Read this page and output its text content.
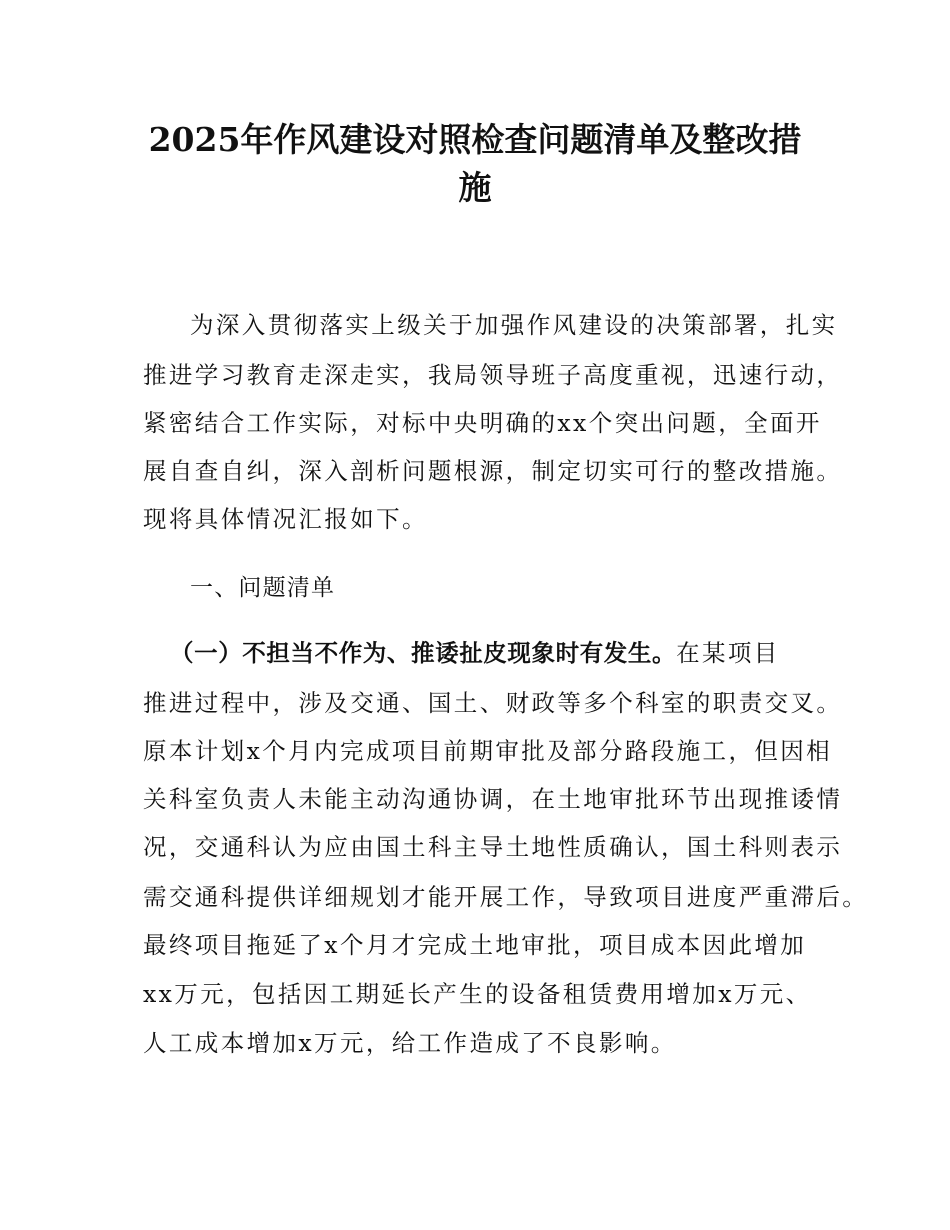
2025年作风建设对照检查问题清单及整改措
施
为深入贯彻落实上级关于加强作风建设的决策部署，扎实
推进学习教育走深走实，我局领导班子高度重视，迅速行动，
紧密结合工作实际，对标中央明确的xx个突出问题，全面开
展自查自纠，深入剖析问题根源，制定切实可行的整改措施。
现将具体情况汇报如下。
一、问题清单
（一）不担当不作为、推诿扯皮现象时有发生。在某项目
推进过程中，涉及交通、国土、财政等多个科室的职责交叉。
原本计划x个月内完成项目前期审批及部分路段施工，但因相
关科室负责人未能主动沟通协调，在土地审批环节出现推诿情
况，交通科认为应由国土科主导土地性质确认，国土科则表示
需交通科提供详细规划才能开展工作，导致项目进度严重滞后。
最终项目拖延了x个月才完成土地审批，项目成本因此增加
xx万元，包括因工期延长产生的设备租赁费用增加x万元、
人工成本增加x万元，给工作造成了不良影响。
